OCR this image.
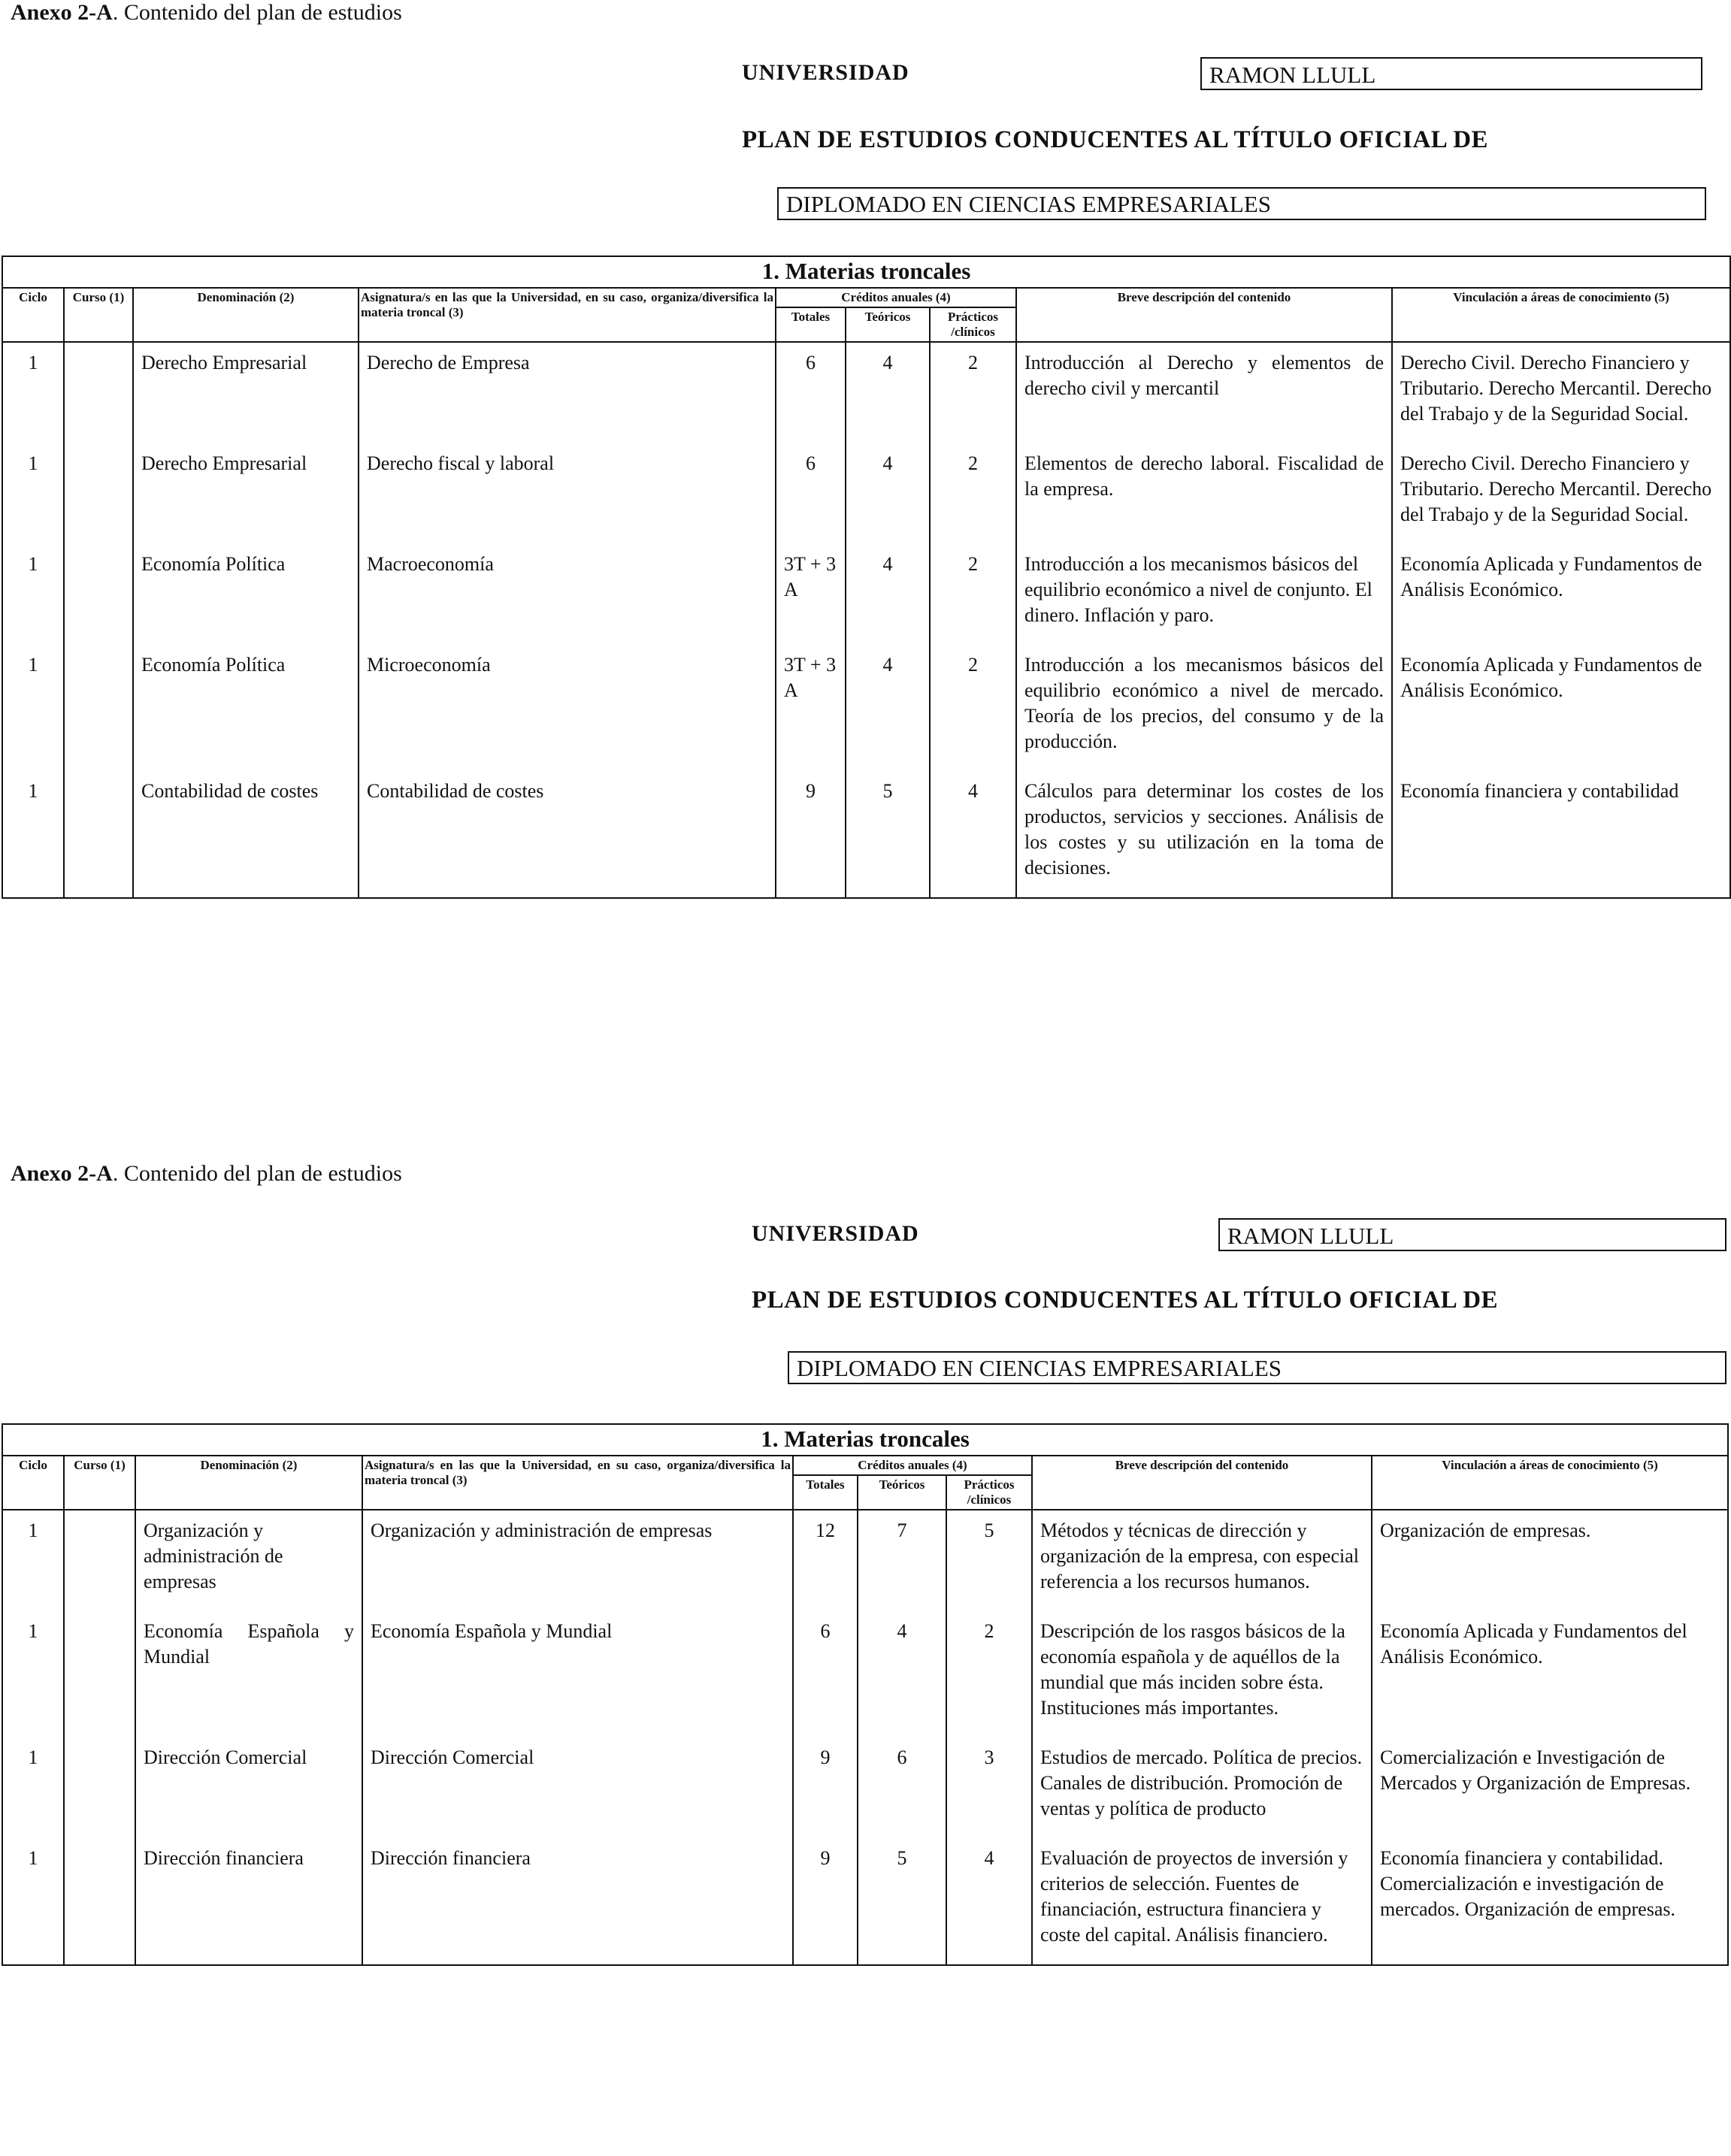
Anexo 2-A. Contenido del plan de estudios
UNIVERSIDAD	RAMON LLULL
PLAN DE ESTUDIOS CONDUCENTES AL TÍTULO OFICIAL DE
DIPLOMADO EN CIENCIAS EMPRESARIALES
1. Materias troncales								
Ciclo	Curso (1)	Denominación (2)	Asignatura/s en las que la Universidad, en su caso, organiza/diversifica la materia troncal (3)	Créditos anuales (4)			Breve descripción del contenido	Vinculación a áreas de conocimiento (5)
				Totales	Teóricos	Prácticos /clínicos		
1		Derecho Empresarial	Derecho de Empresa	6	4	2	Introducción al Derecho y elementos de derecho civil y mercantil	Derecho Civil. Derecho Financiero y Tributario. Derecho Mercantil. Derecho del Trabajo y de la Seguridad Social.
1		Derecho Empresarial	Derecho fiscal y laboral	6	4	2	Elementos de derecho laboral. Fiscalidad de la empresa.	Derecho Civil. Derecho Financiero y Tributario. Derecho Mercantil. Derecho del Trabajo y de la Seguridad Social.
1		Economía Política	Macroeconomía	3T + 3 A	4	2	Introducción a los mecanismos básicos del equilibrio económico a nivel de conjunto. El dinero. Inflación y paro.	Economía Aplicada y Fundamentos de Análisis Económico.
1		Economía Política	Microeconomía	3T + 3 A	4	2	Introducción a los mecanismos básicos del equilibrio económico a nivel de mercado. Teoría de los precios, del consumo y de la producción.	Economía Aplicada y Fundamentos de Análisis Económico.
1		Contabilidad de costes	Contabilidad de costes	9	5	4	Cálculos para determinar los costes de los productos, servicios y secciones. Análisis de los costes y su utilización en la toma de decisiones.	Economía financiera y contabilidad
Anexo 2-A. Contenido del plan de estudios
UNIVERSIDAD	RAMON LLULL
PLAN DE ESTUDIOS CONDUCENTES AL TÍTULO OFICIAL DE
DIPLOMADO EN CIENCIAS EMPRESARIALES
1. Materias troncales								
Ciclo	Curso (1)	Denominación (2)	Asignatura/s en las que la Universidad, en su caso, organiza/diversifica la materia troncal (3)	Créditos anuales (4)			Breve descripción del contenido	Vinculación a áreas de conocimiento (5)
				Totales	Teóricos	Prácticos /clínicos		
1		Organización y administración de empresas	Organización y administración de empresas	12	7	5	Métodos y técnicas de dirección y organización de la empresa, con especial referencia a los recursos humanos.	Organización de empresas.
1		Economía Española y Mundial	Economía Española y Mundial	6	4	2	Descripción de los rasgos básicos de la economía española y de aquéllos de la mundial que más inciden sobre ésta. Instituciones más importantes.	Economía Aplicada y Fundamentos del Análisis Económico.
1		Dirección Comercial	Dirección Comercial	9	6	3	Estudios de mercado. Política de precios. Canales de distribución. Promoción de ventas y política de producto	Comercialización e Investigación de Mercados y Organización de Empresas.
1		Dirección financiera	Dirección financiera	9	5	4	Evaluación de proyectos de inversión y criterios de selección. Fuentes de financiación, estructura financiera y coste del capital. Análisis financiero.	Economía financiera y contabilidad. Comercialización e investigación de mercados. Organización de empresas.
